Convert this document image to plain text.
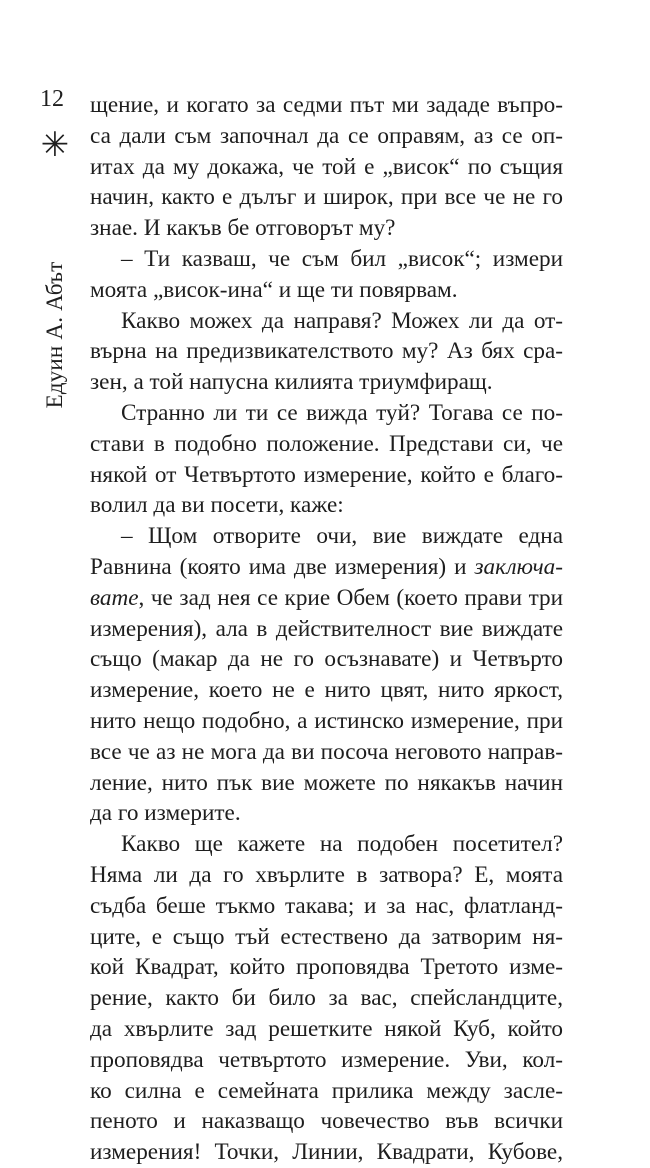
12
✳
Едуин А. Абът
щение, и когато за седми път ми зададе въпро-
са дали съм започнал да се оправям, аз се оп-
итах да му докажа, че той е „висок“ по същия
начин, както е дълъг и широк, при все че не го
знае. И какъв бе отговорът му?
– Ти казваш, че съм бил „висок“; измери
моята „висок-ина“ и ще ти повярвам.
Какво можех да направя? Можех ли да от-
върна на предизвикателството му? Аз бях сра-
зен, а той напусна килията триумфиращ.
Странно ли ти се вижда туй? Тогава се по-
стави в подобно положение. Представи си, че
някой от Четвъртото измерение, който е благо-
волил да ви посети, каже:
– Щом отворите очи, вие виждате една
Равнина (която има две измерения) и заключа-
вате, че зад нея се крие Обем (което прави три
измерения), ала в действителност вие виждате
също (макар да не го осъзнавате) и Четвърто
измерение, което не е нито цвят, нито яркост,
нито нещо подобно, а истинско измерение, при
все че аз не мога да ви посоча неговото направ-
ление, нито пък вие можете по някакъв начин
да го измерите.
Какво ще кажете на подобен посетител?
Няма ли да го хвърлите в затвора? Е, моята
съдба беше тъкмо такава; и за нас, флатланд-
ците, е също тъй естествено да затворим ня-
кой Квадрат, който проповядва Третото изме-
рение, както би било за вас, спейсландците,
да хвърлите зад решетките някой Куб, който
проповядва четвъртото измерение. Уви, кол-
ко силна е семейната прилика между засле-
пеното и наказващо човечество във всички
измерения! Точки, Линии, Квадрати, Кубове,
